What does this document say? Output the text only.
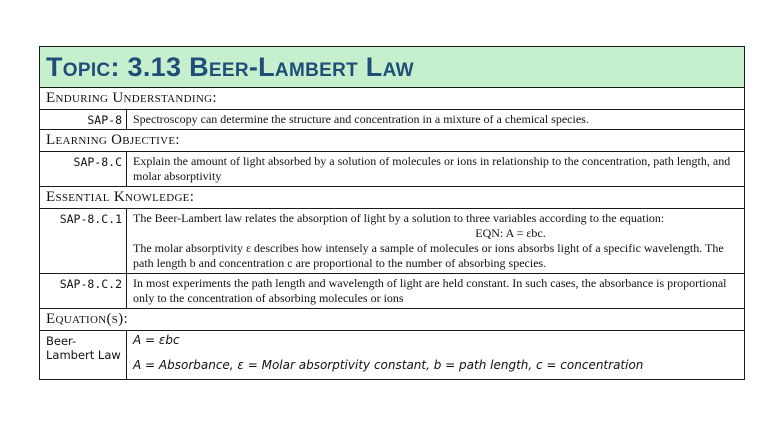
Topic: 3.13 Beer-Lambert Law
Enduring Understanding:
SAP-8 Spectroscopy can determine the structure and concentration in a mixture of a chemical species.
Learning Objective:
SAP-8.C Explain the amount of light absorbed by a solution of molecules or ions in relationship to the concentration, path length, and molar absorptivity
Essential Knowledge:
SAP-8.C.1 The Beer-Lambert law relates the absorption of light by a solution to three variables according to the equation:
EQN: A = εbc.
The molar absorptivity ε describes how intensely a sample of molecules or ions absorbs light of a specific wavelength. The path length b and concentration c are proportional to the number of absorbing species.
SAP-8.C.2 In most experiments the path length and wavelength of light are held constant. In such cases, the absorbance is proportional only to the concentration of absorbing molecules or ions
Equation(s):
Beer-Lambert Law

A = εbc

A = Absorbance, ε = Molar absorptivity constant, b = path length, c = concentration
